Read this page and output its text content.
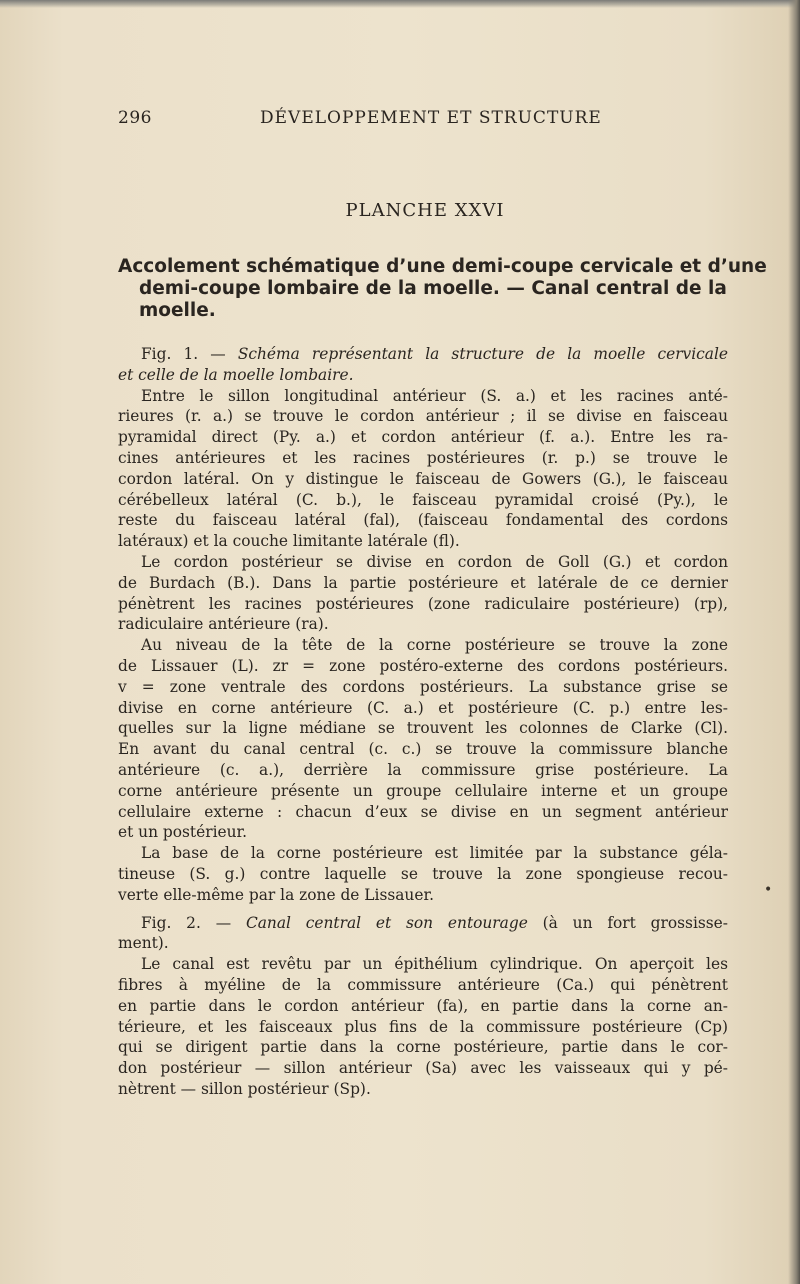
296	DÉVELOPPEMENT ET STRUCTURE
PLANCHE XXVI
Accolement schématique d’une demi-coupe cervicale et d’une
demi-coupe lombaire de la moelle. — Canal central de la
moelle.

Fig. 1. — Schéma représentant la structure de la moelle cervicale

et celle de la moelle lombaire.

Entre le sillon longitudinal antérieur (S. a.) et les racines anté-

rieures (r. a.) se trouve le cordon antérieur ; il se divise en faisceau

pyramidal direct (Py. a.) et cordon antérieur (f. a.). Entre les ra-

cines antérieures et les racines postérieures (r. p.) se trouve le

cordon latéral. On y distingue le faisceau de Gowers (G.), le faisceau

cérébelleux latéral (C. b.), le faisceau pyramidal croisé (Py.), le

reste du faisceau latéral (fal), (faisceau fondamental des cordons

latéraux) et la couche limitante latérale (fl).

Le cordon postérieur se divise en cordon de Goll (G.) et cordon

de Burdach (B.). Dans la partie postérieure et latérale de ce dernier

pénètrent les racines postérieures (zone radiculaire postérieure) (rp),

radiculaire antérieure (ra).

Au niveau de la tête de la corne postérieure se trouve la zone

de Lissauer (L). zr = zone postéro-externe des cordons postérieurs.

v = zone ventrale des cordons postérieurs. La substance grise se

divise en corne antérieure (C. a.) et postérieure (C. p.) entre les-

quelles sur la ligne médiane se trouvent les colonnes de Clarke (Cl).

En avant du canal central (c. c.) se trouve la commissure blanche

antérieure (c. a.), derrière la commissure grise postérieure. La

corne antérieure présente un groupe cellulaire interne et un groupe

cellulaire externe : chacun d’eux se divise en un segment antérieur

et un postérieur.

La base de la corne postérieure est limitée par la substance géla-

tineuse (S. g.) contre laquelle se trouve la zone spongieuse recou-

verte elle-même par la zone de Lissauer.

Fig. 2. — Canal central et son entourage (à un fort grossisse-

ment).

Le canal est revêtu par un épithélium cylindrique. On aperçoit les

fibres à myéline de la commissure antérieure (Ca.) qui pénètrent

en partie dans le cordon antérieur (fa), en partie dans la corne an-

térieure, et les faisceaux plus fins de la commissure postérieure (Cp)

qui se dirigent partie dans la corne postérieure, partie dans le cor-

don postérieur — sillon antérieur (Sa) avec les vaisseaux qui y pé-

nètrent — sillon postérieur (Sp).

•
